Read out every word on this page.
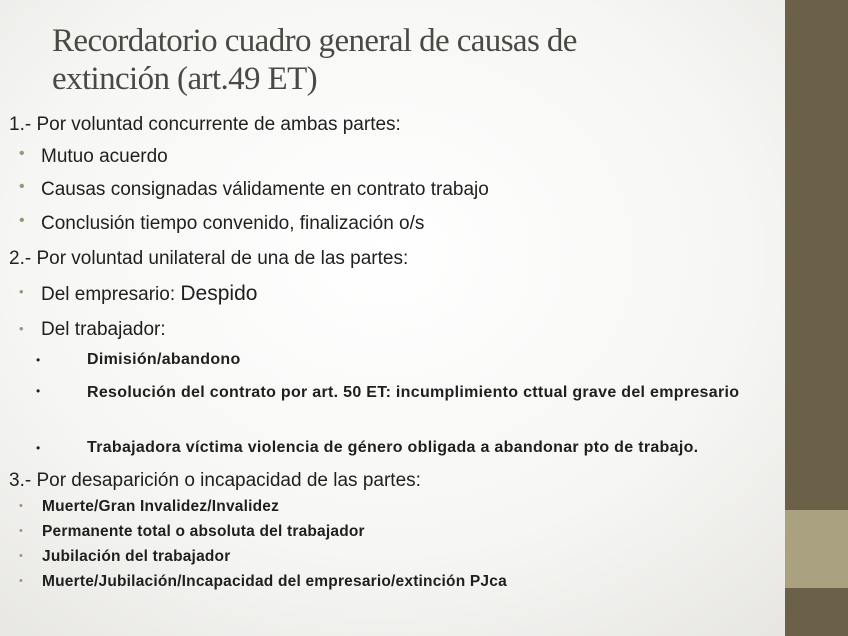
Recordatorio cuadro general de causas de
extinción (art.49 ET)
1.- Por voluntad concurrente de ambas partes:
• Mutuo acuerdo
• Causas consignadas válidamente en contrato trabajo
• Conclusión tiempo convenido, finalización o/s
2.- Por voluntad unilateral de una de las partes:
• Del empresario: Despido
• Del trabajador:
•	Dimisión/abandono
•	Resolución del contrato por art. 50 ET: incumplimiento cttual grave del empresario
•	Trabajadora víctima violencia de género obligada a abandonar pto de trabajo.
3.- Por desaparición o incapacidad de las partes:
• Muerte/Gran Invalidez/Invalidez
• Permanente total o absoluta del trabajador
• Jubilación del trabajador
• Muerte/Jubilación/Incapacidad del empresario/extinción PJca
